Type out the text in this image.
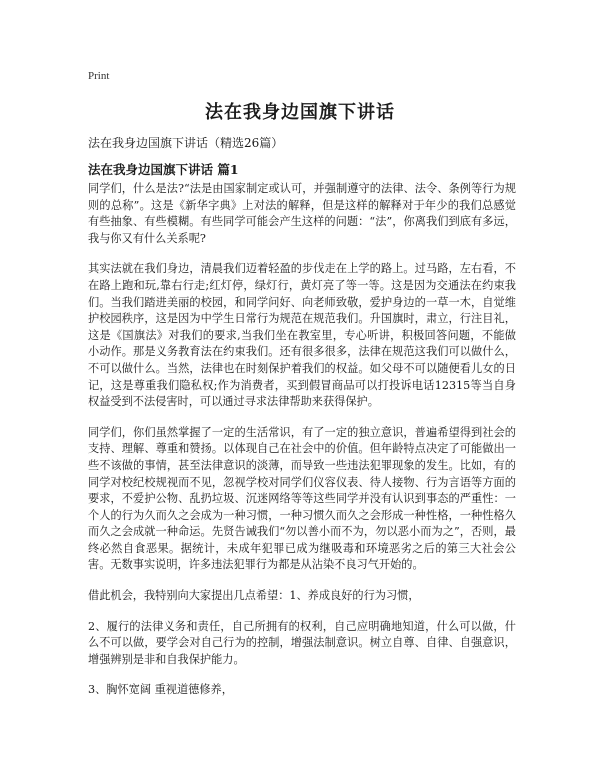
Print
法在我身边国旗下讲话
法在我身边国旗下讲话（精选26篇）
法在我身边国旗下讲话 篇1

同学们，什么是法?“法是由国家制定或认可，并强制遵守的法律、法令、条例等行为规则的总称”。这是《新华字典》上对法的解释，但是这样的解释对于年少的我们总感觉有些抽象、有些模糊。有些同学可能会产生这样的问题：“法”，你离我们到底有多远，我与你又有什么关系呢?

其实法就在我们身边，清晨我们迈着轻盈的步伐走在上学的路上。过马路，左右看，不在路上跑和玩,靠右行走;红灯停，绿灯行，黄灯亮了等一等。这是因为交通法在约束我们。当我们踏进美丽的校园，和同学问好、向老师致敬，爱护身边的一草一木，自觉维护校园秩序，这是因为中学生日常行为规范在规范我们。升国旗时，肃立，行注目礼，这是《国旗法》对我们的要求,当我们坐在教室里，专心听讲，积极回答问题，不能做小动作。那是义务教育法在约束我们。还有很多很多，法律在规范这我们可以做什么，不可以做什么。当然，法律也在时刻保护着我们的权益。如父母不可以随便看儿女的日记，这是尊重我们隐私权;作为消费者，买到假冒商品可以打投诉电话12315等当自身权益受到不法侵害时，可以通过寻求法律帮助来获得保护。

同学们，你们虽然掌握了一定的生活常识，有了一定的独立意识，普遍希望得到社会的支持、理解、尊重和赞扬。以体现自己在社会中的价值。但年龄特点决定了可能做出一些不该做的事情，甚至法律意识的淡薄，而导致一些违法犯罪现象的发生。比如，有的同学对校纪校规视而不见，忽视学校对同学们仪容仪表、待人接物、行为言语等方面的要求，不爱护公物、乱扔垃圾、沉迷网络等等这些同学并没有认识到事态的严重性：一个人的行为久而久之会成为一种习惯，一种习惯久而久之会形成一种性格，一种性格久而久之会成就一种命运。先贤告诫我们“勿以善小而不为，勿以恶小而为之”，否则，最终必然自食恶果。据统计，未成年犯罪已成为继吸毒和环境恶劣之后的第三大社会公害。无数事实说明，许多违法犯罪行为都是从沾染不良习气开始的。

借此机会，我特别向大家提出几点希望：1、养成良好的行为习惯，

2、履行的法律义务和责任，自己所拥有的权利，自己应明确地知道，什么可以做，什么不可以做，要学会对自己行为的控制，增强法制意识。树立自尊、自律、自强意识，增强辨别是非和自我保护能力。

3、胸怀宽阔 重视道德修养，
